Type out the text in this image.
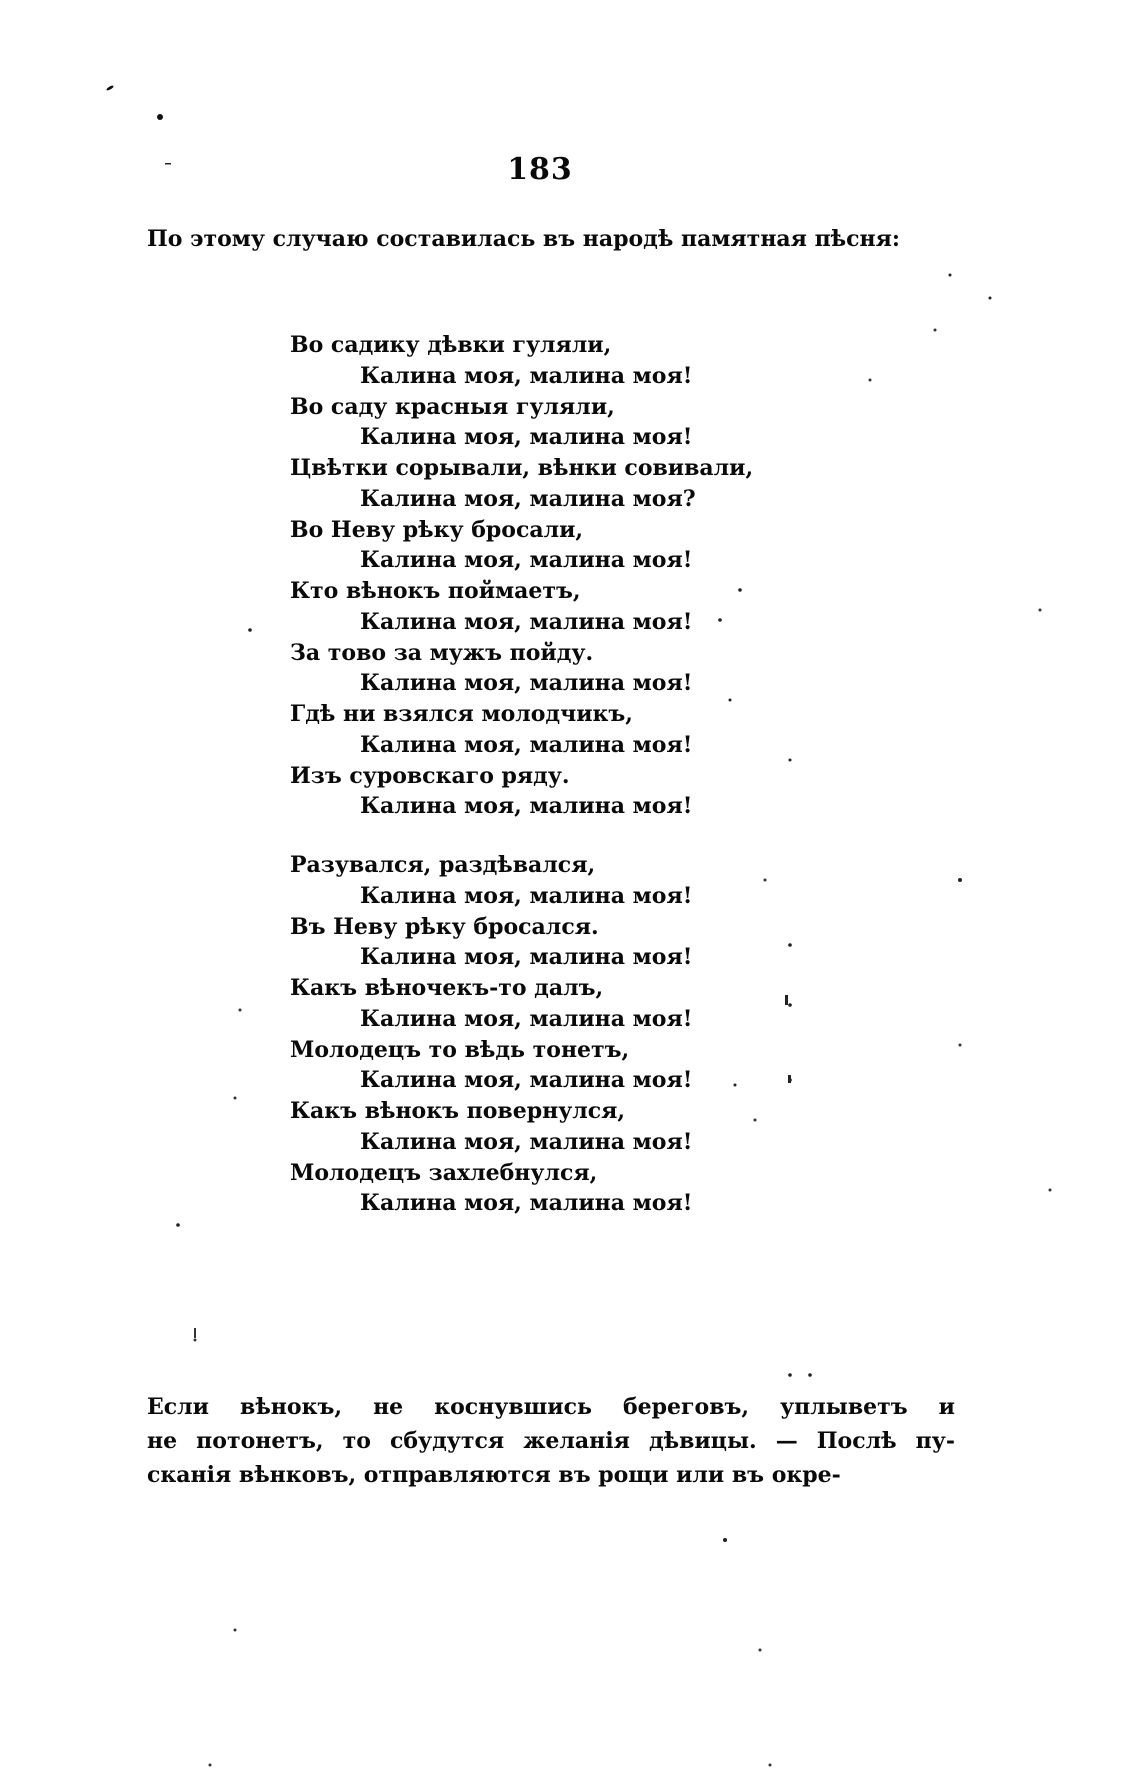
183
По этому случаю составилась въ народѣ памятная пѣсня:
Во садику дѣвки гуляли,
Калина моя, малина моя!
Во саду красныя гуляли,
Калина моя, малина моя!
Цвѣтки сорывали, вѣнки совивали,
Калина моя, малина моя?
Во Неву рѣку бросали,
Калина моя, малина моя!
Кто вѣнокъ поймаетъ,
Калина моя, малина моя!
За тово за мужъ пойду.
Калина моя, малина моя!
Гдѣ ни взялся молодчикъ,
Калина моя, малина моя!
Изъ суровскаго ряду.
Калина моя, малина моя!
Разувался, раздѣвался,
Калина моя, малина моя!
Въ Неву рѣку бросался.
Калина моя, малина моя!
Какъ вѣночекъ-то далъ,
Калина моя, малина моя!
Молодецъ то вѣдь тонетъ,
Калина моя, малина моя!
Какъ вѣнокъ повернулся,
Калина моя, малина моя!
Молодецъ захлебнулся,
Калина моя, малина моя!
Если вѣнокъ, не коснувшись береговъ, уплыветъ и
не потонетъ, то сбудутся желанія дѣвицы. — Послѣ пу-
сканія вѣнковъ, отправляются въ рощи или въ окре-
